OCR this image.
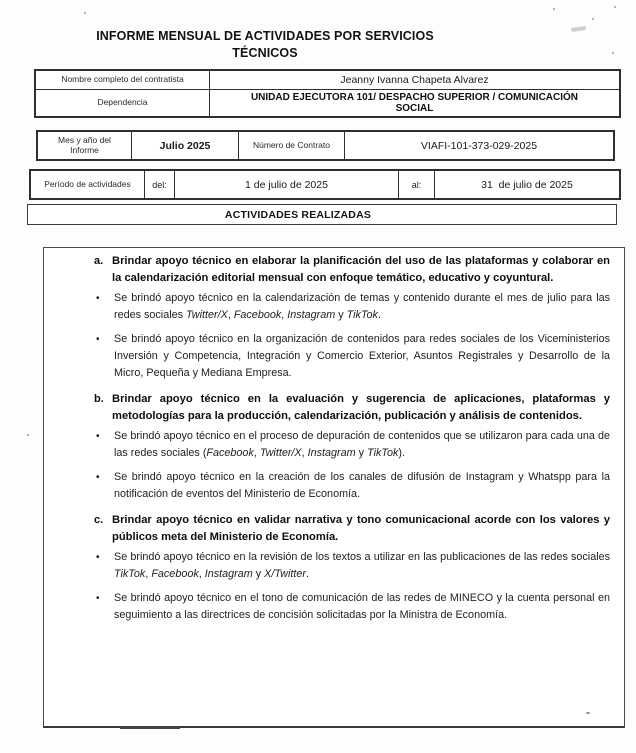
INFORME MENSUAL DE ACTIVIDADES POR SERVICIOS
TÉCNICOS
Nombre completo del contratista	Jeanny Ivanna Chapeta Alvarez
Dependencia	UNIDAD EJECUTORA 101/ DESPACHO SUPERIOR / COMUNICACIÓN SOCIAL
Mes y año del Informe	Julio 2025	Número de Contrato	VIAFI-101-373-029-2025
Período de actividades	del:	1 de julio de 2025	al:	31  de julio de 2025
ACTIVIDADES REALIZADAS
a. Brindar apoyo técnico en elaborar la planificación del uso de las plataformas y colaborar en la calendarización editorial mensual con enfoque temático, educativo y coyuntural.
•	Se brindó apoyo técnico en la calendarización de temas y contenido durante el mes de julio para las redes sociales Twitter/X, Facebook, Instagram y TikTok.
•	Se brindó apoyo técnico en la organización de contenidos para redes sociales de los Viceministerios Inversión y Competencia, Integración y Comercio Exterior, Asuntos Registrales y Desarrollo de la Micro, Pequeña y Mediana Empresa.
b. Brindar apoyo técnico en la evaluación y sugerencia de aplicaciones, plataformas y metodologías para la producción, calendarización, publicación y análisis de contenidos.
•	Se brindó apoyo técnico en el proceso de depuración de contenidos que se utilizaron para cada una de las redes sociales (Facebook, Twitter/X, Instagram y TikTok).
•	Se brindó apoyo técnico en la creación de los canales de difusión de Instagram y Whatspp para la notificación de eventos del Ministerio de Economía.
c. Brindar apoyo técnico en validar narrativa y tono comunicacional acorde con los valores y públicos meta del Ministerio de Economía.
•	Se brindó apoyo técnico en la revisión de los textos a utilizar en las publicaciones de las redes sociales TikTok, Facebook, Instagram y X/Twitter.
•	Se brindó apoyo técnico en el tono de comunicación de las redes de MINECO y la cuenta personal en seguimiento a las directrices de concisión solicitadas por la Ministra de Economía.
